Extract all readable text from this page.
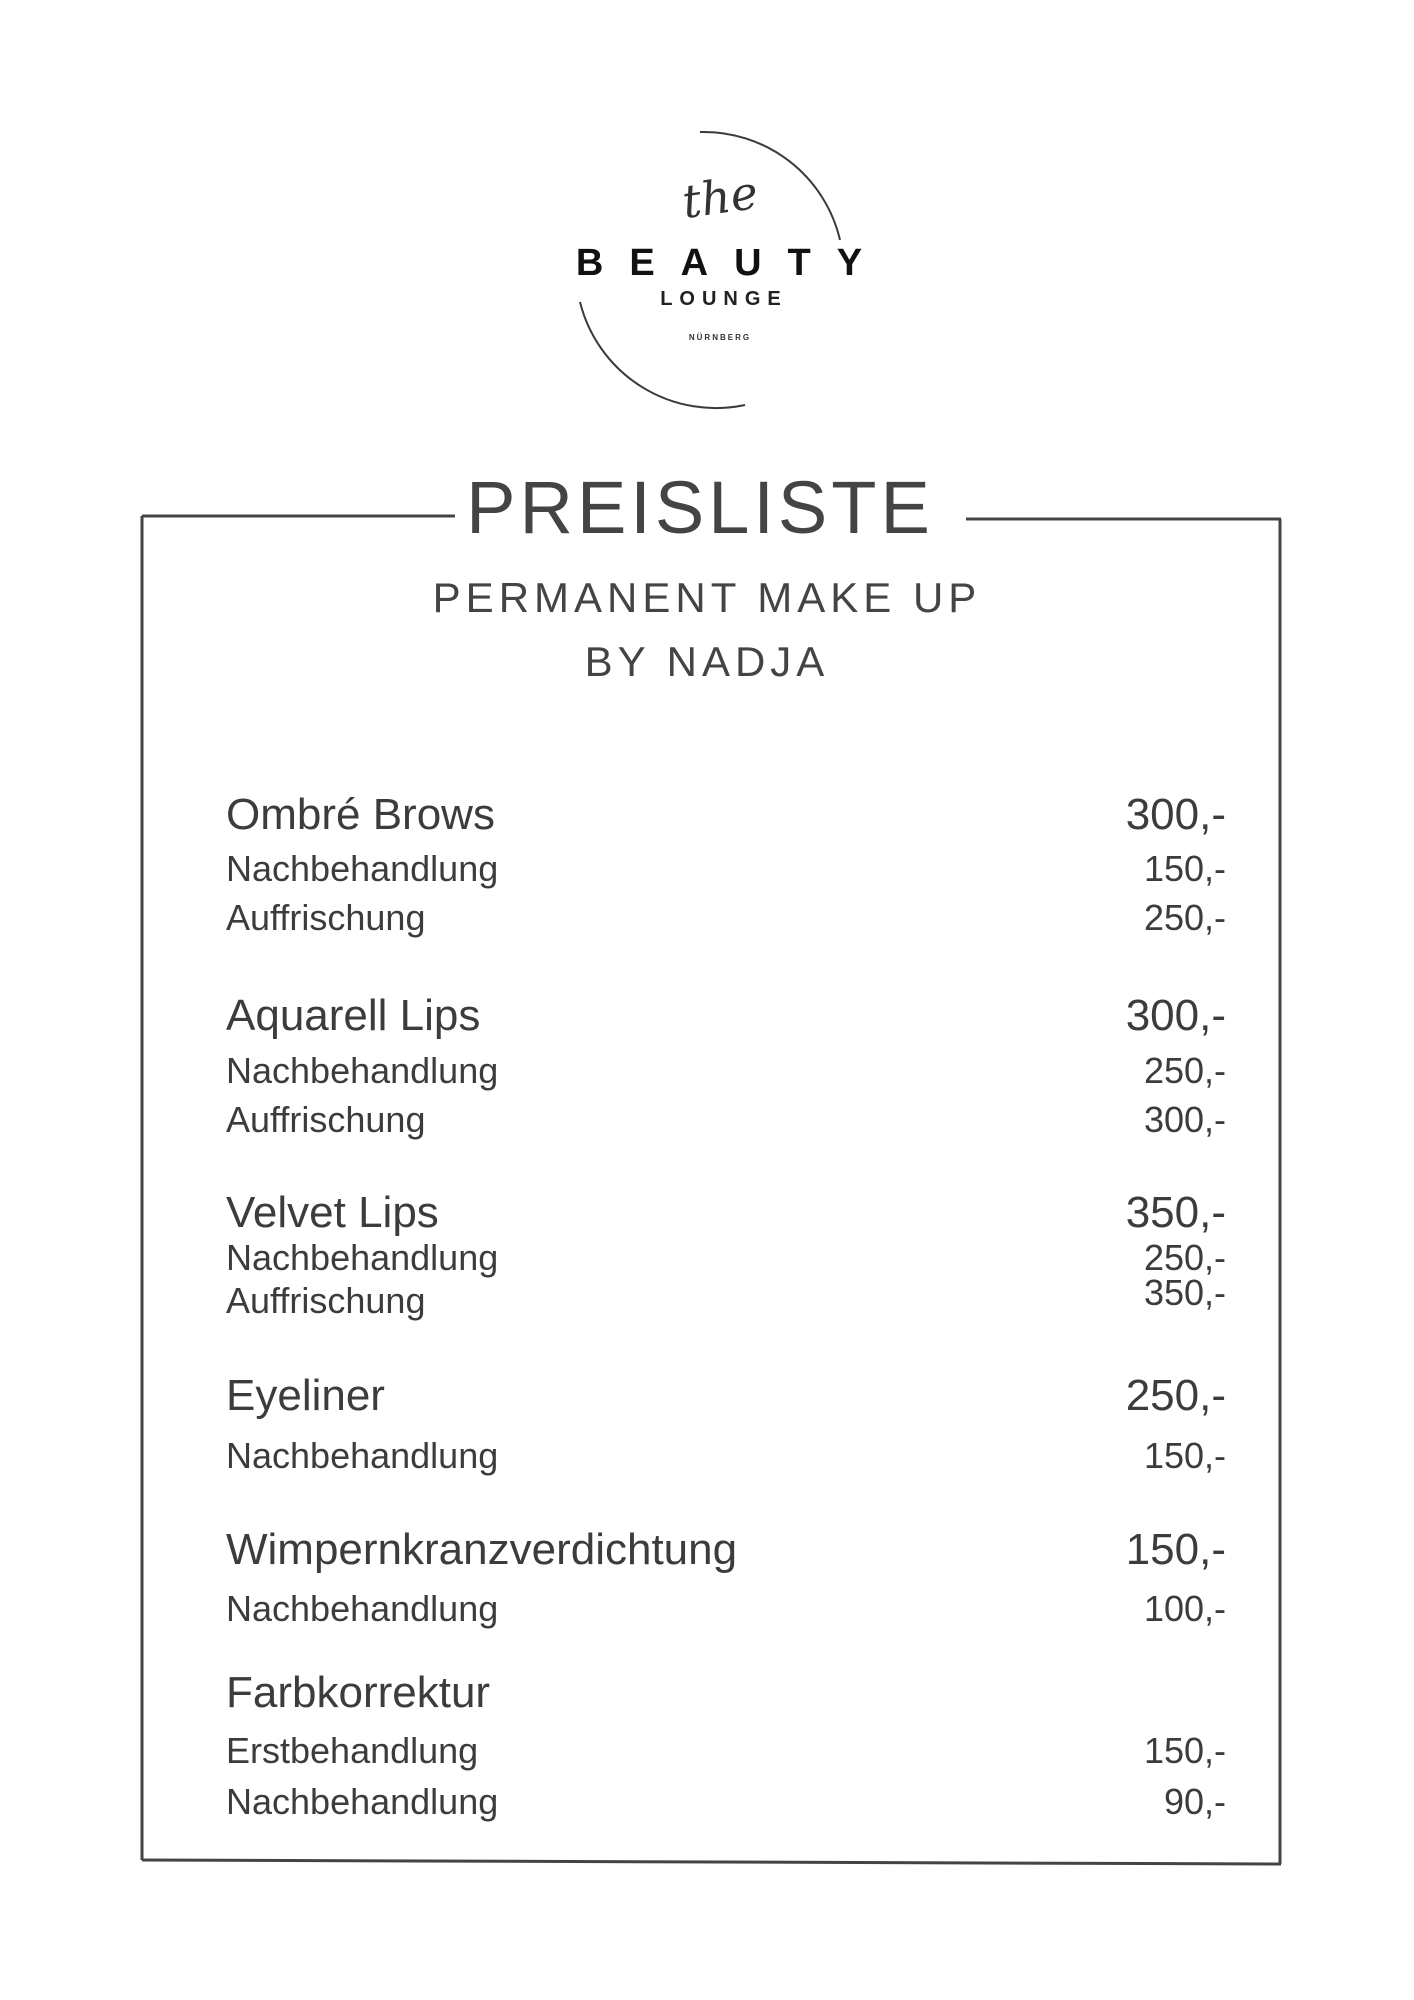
the
BEAUTY
LOUNGE
NÜRNBERG
PREISLISTE
PERMANENT MAKE UP
BY NADJA
Ombré Brows	300,-
Nachbehandlung	150,-
Auffrischung	250,-
Aquarell Lips	300,-
Nachbehandlung	250,-
Auffrischung	300,-
Velvet Lips	350,-
Nachbehandlung	250,-
Auffrischung	350,-
Eyeliner	250,-
Nachbehandlung	150,-
Wimpernkranzverdichtung	150,-
Nachbehandlung	100,-
Farbkorrektur
Erstbehandlung	150,-
Nachbehandlung	90,-
